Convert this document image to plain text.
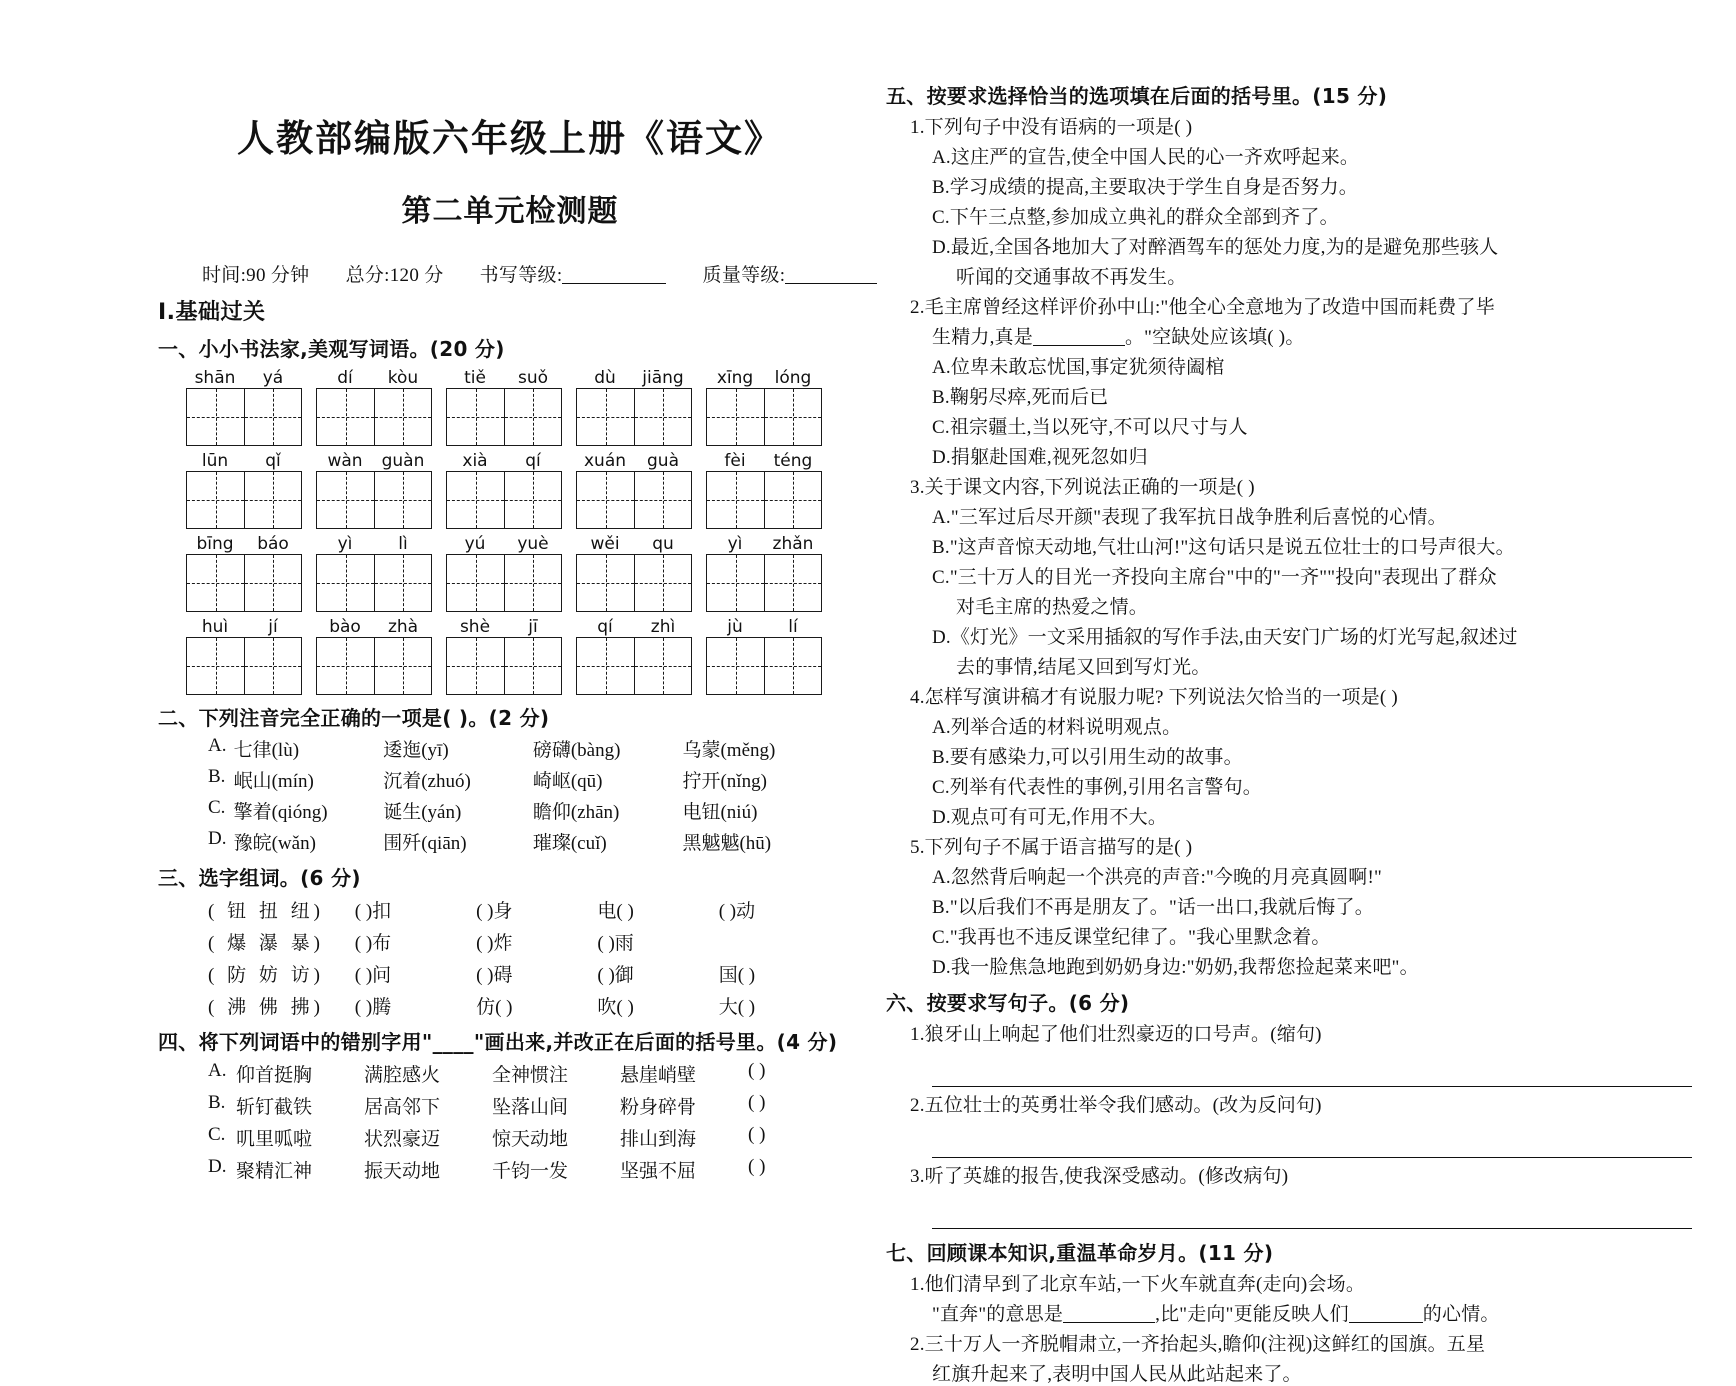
人教部编版六年级上册《语文》
第二单元检测题
时间:90 分钟 总分:120 分 书写等级:	质量等级:
Ⅰ.基础过关
一、小小书法家,美观写词语。(20 分)
shān	yá	dí	kòu	tiě	suǒ	dù	jiāng	xīng	lóng
lūn	qǐ	wàn	guàn	xià	qí	xuán	guà	fèi	téng
bīng	báo	yì	lì	yú	yuè	wěi	qu	yì	zhǎn
huì	jí	bào	zhà	shè	jī	qí	zhì	jù	lí
二、下列注音完全正确的一项是( )。(2 分)
A. 七律(lù)	逶迤(yī)	磅礴(bàng)	乌蒙(měng)
B. 岷山(mín)	沉着(zhuó)	崎岖(qū)	拧开(nǐng)
C. 擎着(qióng)	诞生(yán)	瞻仰(zhān)	电钮(niú)
D. 豫皖(wǎn)	围歼(qiān)	璀璨(cuǐ)	黑魆魆(hū)
三、选字组词。(6 分)
( 钮 扭 纽)	( )扣	( )身	电( )	( )动
( 爆 瀑 暴)	( )布	( )炸	( )雨
( 防 妨 访)	( )问	( )碍	( )御	国( )
( 沸 佛 拂)	( )腾	仿( )	吹( )	大( )
四、将下列词语中的错别字用"____"画出来,并改正在后面的括号里。(4 分)
A. 仰首挺胸	满腔感火	全神惯注	悬崖峭壁	( )
B. 斩钉截铁	居高邻下	坠落山间	粉身碎骨	( )
C. 叽里呱啦	状烈豪迈	惊天动地	排山到海	( )
D. 聚精汇神	振天动地	千钧一发	坚强不屈	( )
五、按要求选择恰当的选项填在后面的括号里。(15 分)
1.下列句子中没有语病的一项是( )
A.这庄严的宣告,使全中国人民的心一齐欢呼起来。
B.学习成绩的提高,主要取决于学生自身是否努力。
C.下午三点整,参加成立典礼的群众全部到齐了。
D.最近,全国各地加大了对醉酒驾车的惩处力度,为的是避免那些骇人
听闻的交通事故不再发生。
2.毛主席曾经这样评价孙中山:"他全心全意地为了改造中国而耗费了毕
生精力,真是	。"空缺处应该填( )。
A.位卑未敢忘忧国,事定犹须待阖棺
B.鞠躬尽瘁,死而后已
C.祖宗疆土,当以死守,不可以尺寸与人
D.捐躯赴国难,视死忽如归
3.关于课文内容,下列说法正确的一项是( )
A."三军过后尽开颜"表现了我军抗日战争胜利后喜悦的心情。
B."这声音惊天动地,气壮山河!"这句话只是说五位壮士的口号声很大。
C."三十万人的目光一齐投向主席台"中的"一齐""投向"表现出了群众
对毛主席的热爱之情。
D.《灯光》一文采用插叙的写作手法,由天安门广场的灯光写起,叙述过
去的事情,结尾又回到写灯光。
4.怎样写演讲稿才有说服力呢? 下列说法欠恰当的一项是( )
A.列举合适的材料说明观点。
B.要有感染力,可以引用生动的故事。
C.列举有代表性的事例,引用名言警句。
D.观点可有可无,作用不大。
5.下列句子不属于语言描写的是( )
A.忽然背后响起一个洪亮的声音:"今晚的月亮真圆啊!"
B."以后我们不再是朋友了。"话一出口,我就后悔了。
C."我再也不违反课堂纪律了。"我心里默念着。
D.我一脸焦急地跑到奶奶身边:"奶奶,我帮您捡起菜来吧"。
六、按要求写句子。(6 分)
1.狼牙山上响起了他们壮烈豪迈的口号声。(缩句)
2.五位壮士的英勇壮举令我们感动。(改为反问句)
3.听了英雄的报告,使我深受感动。(修改病句)
七、回顾课本知识,重温革命岁月。(11 分)
1.他们清早到了北京车站,一下火车就直奔(走向)会场。
"直奔"的意思是	,比"走向"更能反映人们	的心情。
2.三十万人一齐脱帽肃立,一齐抬起头,瞻仰(注视)这鲜红的国旗。五星
红旗升起来了,表明中国人民从此站起来了。
